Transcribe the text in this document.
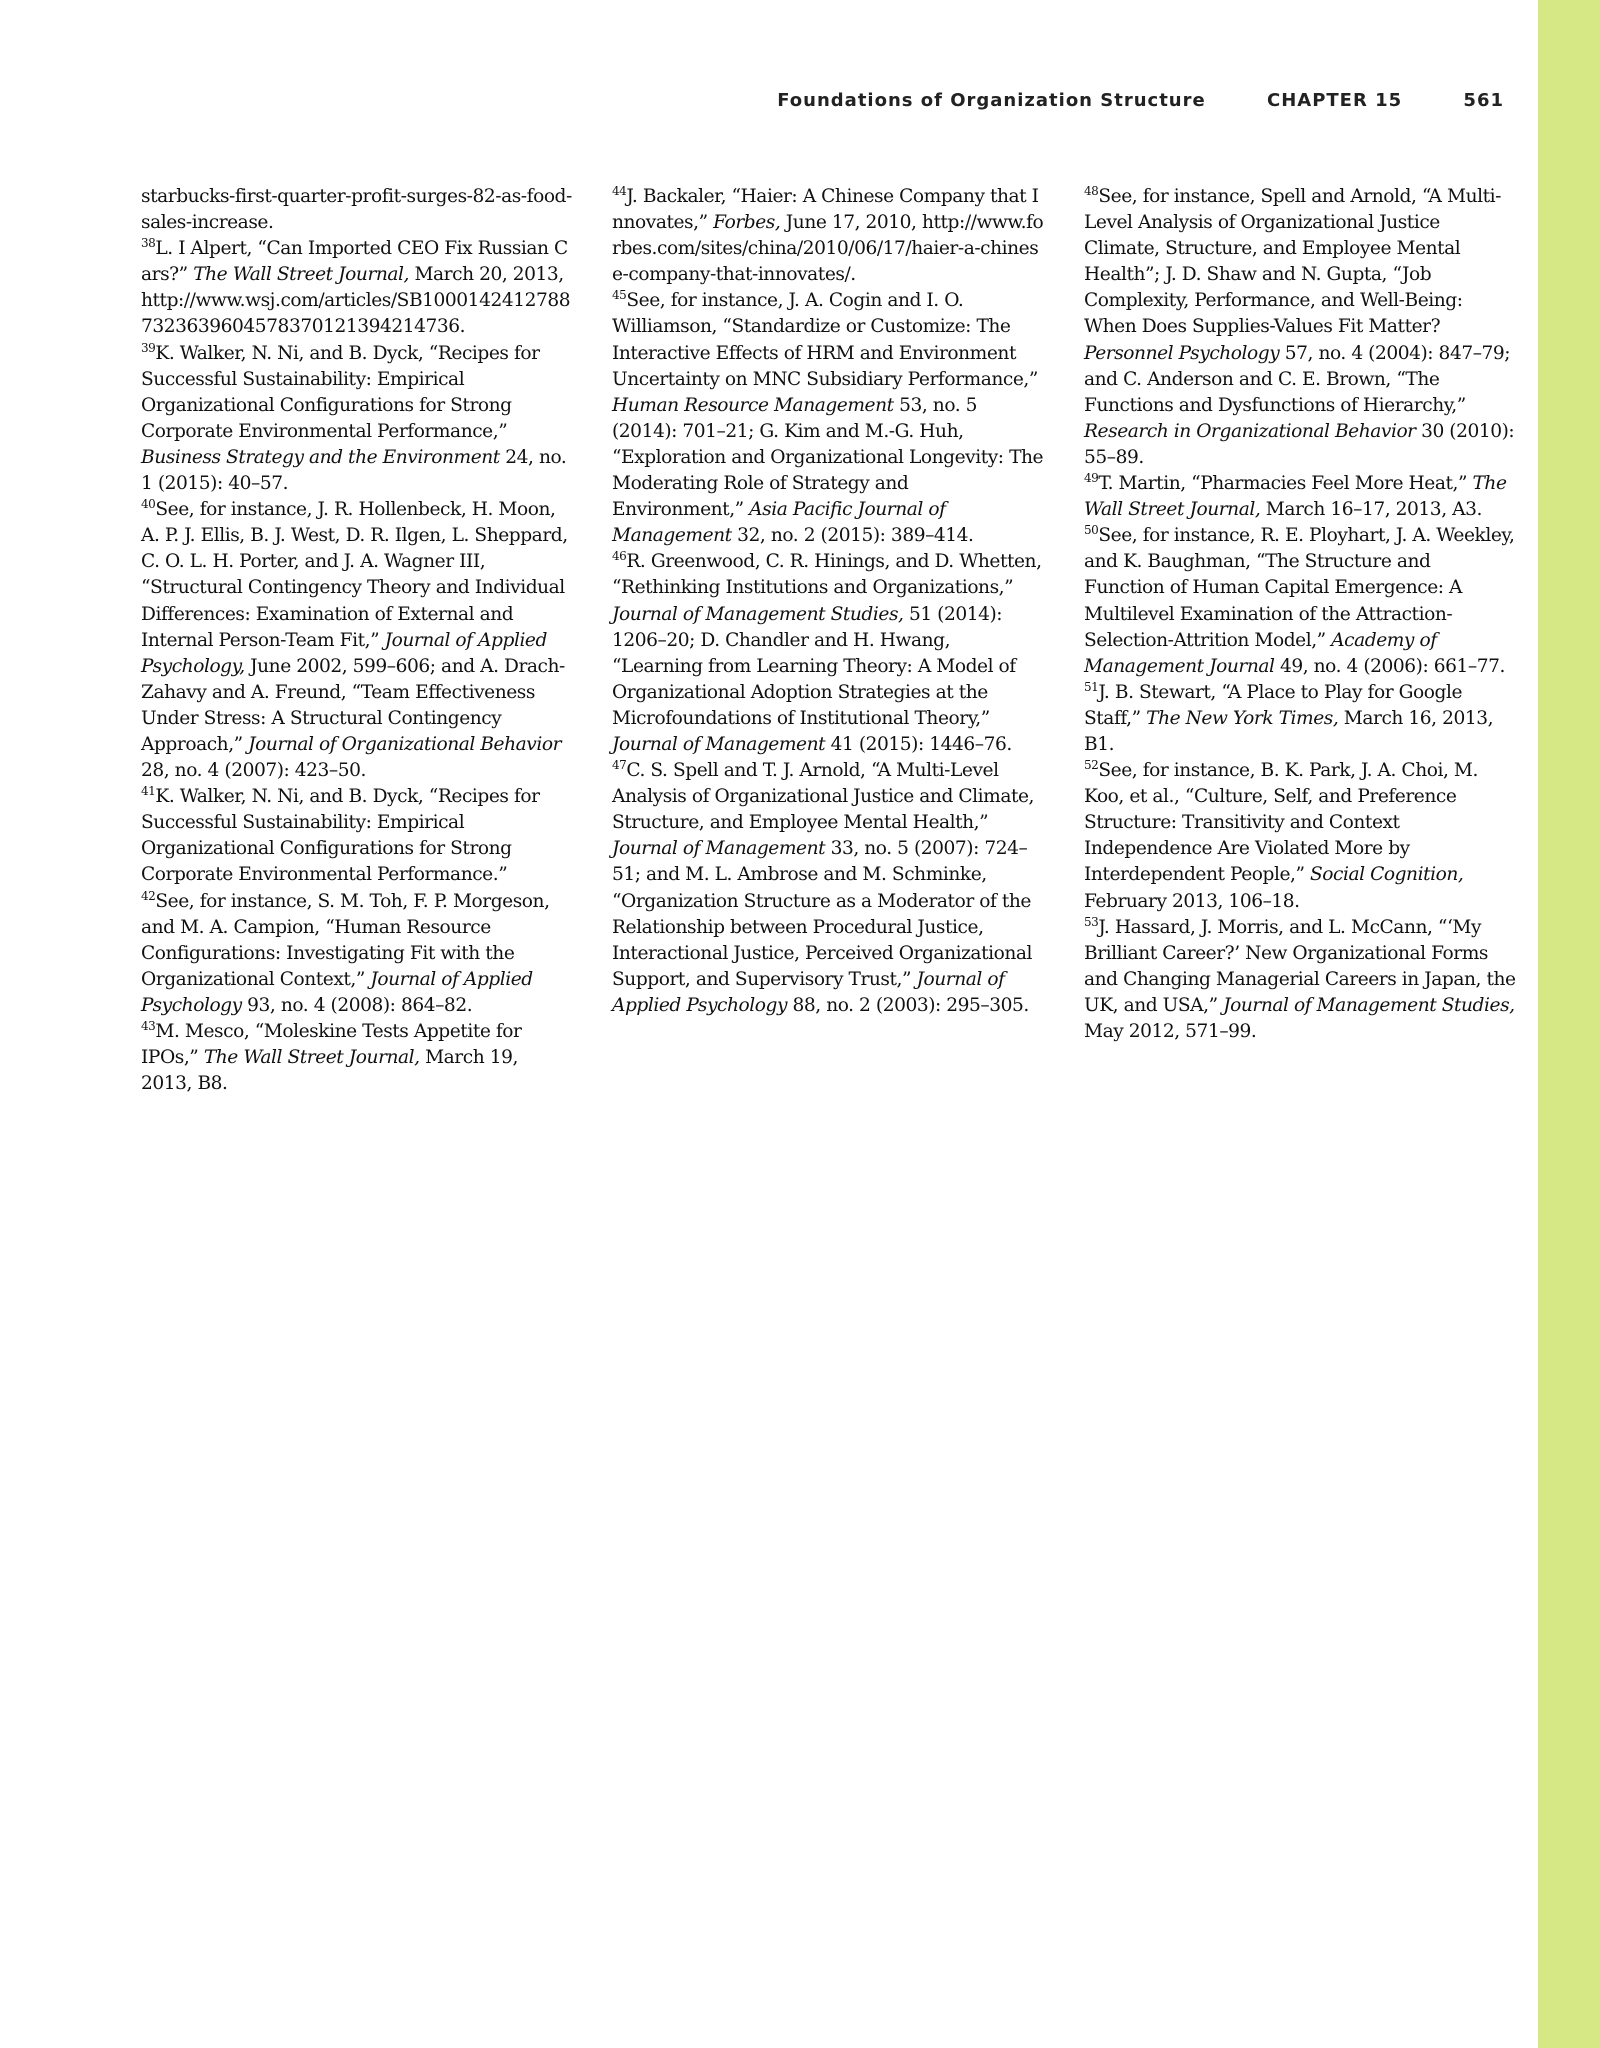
Foundations of Organization Structure	CHAPTER 15	561

starbucks-first-quarter-profit-surges-82-as-food-sales-increase.

$^{38}$L. I Alpert, “Can Imported CEO Fix Russian Cars?” The Wall Street Journal, March 20, 2013, http://www.wsj.com/articles/SB10001424127887323639604578370121394214736.

$^{39}$K. Walker, N. Ni, and B. Dyck, “Recipes for Successful Sustainability: Empirical Organizational Configurations for Strong Corporate Environmental Performance,” Business Strategy and the Environment 24, no. 1 (2015): 40–57.

$^{40}$See, for instance, J. R. Hollenbeck, H. Moon, A. P. J. Ellis, B. J. West, D. R. Ilgen, L. Sheppard, C. O. L. H. Porter, and J. A. Wagner III, “Structural Contingency Theory and Individual Differences: Examination of External and Internal Person-Team Fit,” Journal of Applied Psychology, June 2002, 599–606; and A. Drach-Zahavy and A. Freund, “Team Effectiveness Under Stress: A Structural Contingency Approach,” Journal of Organizational Behavior 28, no. 4 (2007): 423–50.

$^{41}$K. Walker, N. Ni, and B. Dyck, “Recipes for Successful Sustainability: Empirical Organizational Configurations for Strong Corporate Environmental Performance.”

$^{42}$See, for instance, S. M. Toh, F. P. Morgeson, and M. A. Campion, “Human Resource Configurations: Investigating Fit with the Organizational Context,” Journal of Applied Psychology 93, no. 4 (2008): 864–82.

$^{43}$M. Mesco, “Moleskine Tests Appetite for IPOs,” The Wall Street Journal, March 19, 2013, B8.

$^{44}$J. Backaler, “Haier: A Chinese Company that Innovates,” Forbes, June 17, 2010, http://www.forbes.com/sites/china/2010/06/17/haier-a-chinese-company-that-innovates/.

$^{45}$See, for instance, J. A. Cogin and I. O. Williamson, “Standardize or Customize: The Interactive Effects of HRM and Environment Uncertainty on MNC Subsidiary Performance,” Human Resource Management 53, no. 5 (2014): 701–21; G. Kim and M.-G. Huh, “Exploration and Organizational Longevity: The Moderating Role of Strategy and Environment,” Asia Pacific Journal of Management 32, no. 2 (2015): 389–414.

$^{46}$R. Greenwood, C. R. Hinings, and D. Whetten, “Rethinking Institutions and Organizations,” Journal of Management Studies, 51 (2014): 1206–20; D. Chandler and H. Hwang, “Learning from Learning Theory: A Model of Organizational Adoption Strategies at the Microfoundations of Institutional Theory,” Journal of Management 41 (2015): 1446–76.

$^{47}$C. S. Spell and T. J. Arnold, “A Multi-Level Analysis of Organizational Justice and Climate, Structure, and Employee Mental Health,” Journal of Management 33, no. 5 (2007): 724–51; and M. L. Ambrose and M. Schminke, “Organization Structure as a Moderator of the Relationship between Procedural Justice, Interactional Justice, Perceived Organizational Support, and Supervisory Trust,” Journal of Applied Psychology 88, no. 2 (2003): 295–305.

$^{48}$See, for instance, Spell and Arnold, “A Multi-Level Analysis of Organizational Justice Climate, Structure, and Employee Mental Health”; J. D. Shaw and N. Gupta, “Job Complexity, Performance, and Well-Being: When Does Supplies-Values Fit Matter? Personnel Psychology 57, no. 4 (2004): 847–79; and C. Anderson and C. E. Brown, “The Functions and Dysfunctions of Hierarchy,” Research in Organizational Behavior 30 (2010): 55–89.

$^{49}$T. Martin, “Pharmacies Feel More Heat,” The Wall Street Journal, March 16–17, 2013, A3.

$^{50}$See, for instance, R. E. Ployhart, J. A. Weekley, and K. Baughman, “The Structure and Function of Human Capital Emergence: A Multilevel Examination of the Attraction-Selection-Attrition Model,” Academy of Management Journal 49, no. 4 (2006): 661–77.

$^{51}$J. B. Stewart, “A Place to Play for Google Staff,” The New York Times, March 16, 2013, B1.

$^{52}$See, for instance, B. K. Park, J. A. Choi, M. Koo, et al., “Culture, Self, and Preference Structure: Transitivity and Context Independence Are Violated More by Interdependent People,” Social Cognition, February 2013, 106–18.

$^{53}$J. Hassard, J. Morris, and L. McCann, “‘My Brilliant Career?’ New Organizational Forms and Changing Managerial Careers in Japan, the UK, and USA,” Journal of Management Studies, May 2012, 571–99.
